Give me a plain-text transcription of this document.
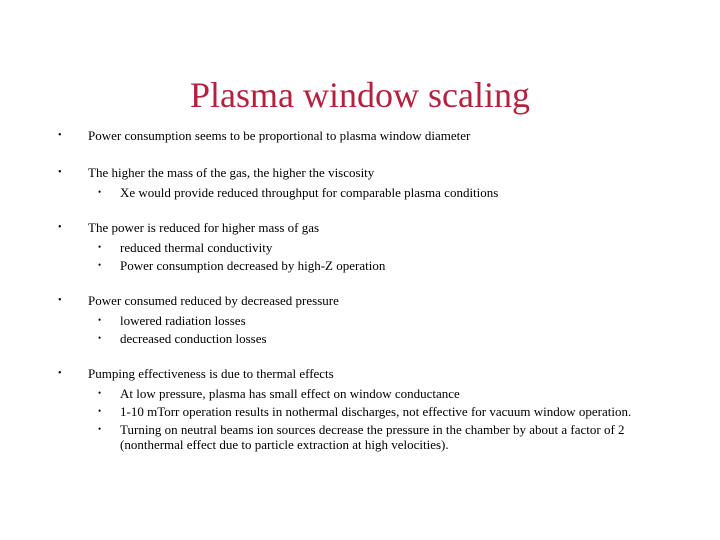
Plasma window scaling
• Power consumption seems to be proportional to plasma window diameter
• The higher the mass of the gas, the higher the viscosity
• Xe would provide reduced throughput for comparable plasma conditions
• The power is reduced for higher mass of gas
• reduced thermal conductivity
• Power consumption decreased by high-Z operation
• Power consumed reduced by decreased pressure
• lowered radiation losses
• decreased conduction losses
• Pumping effectiveness is due to thermal effects
• At low pressure, plasma has small effect on window conductance
• 1-10 mTorr operation results in nothermal discharges, not effective for vacuum window operation.
• Turning on neutral beams ion sources decrease the pressure in the chamber by about a factor of 2 (nonthermal effect due to particle extraction at high velocities).
